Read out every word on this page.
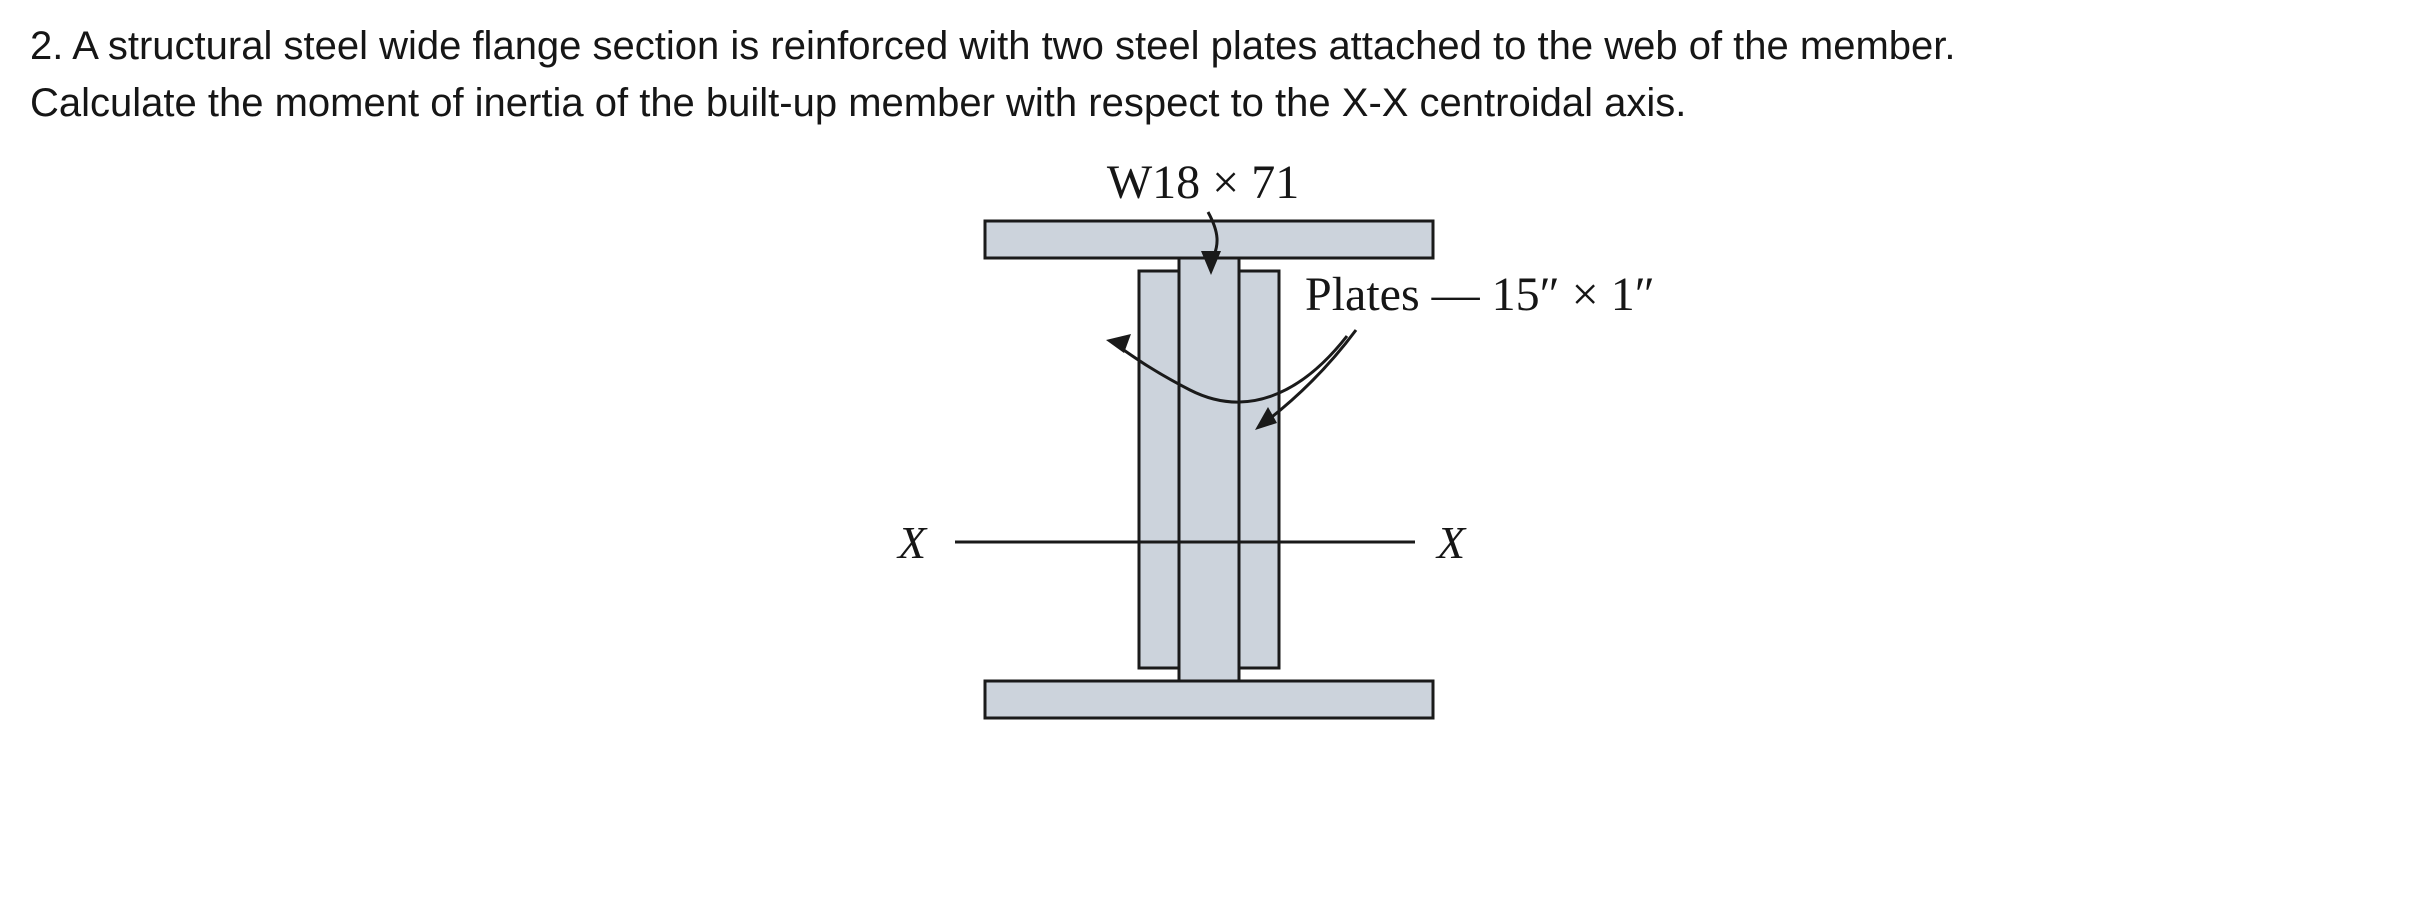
2. A structural steel wide flange section is reinforced with two steel plates attached to the web of the member.
Calculate the moment of inertia of the built-up member with respect to the X-X centroidal axis.
X	X
W18 × 71
Plates — 15″ × 1″
